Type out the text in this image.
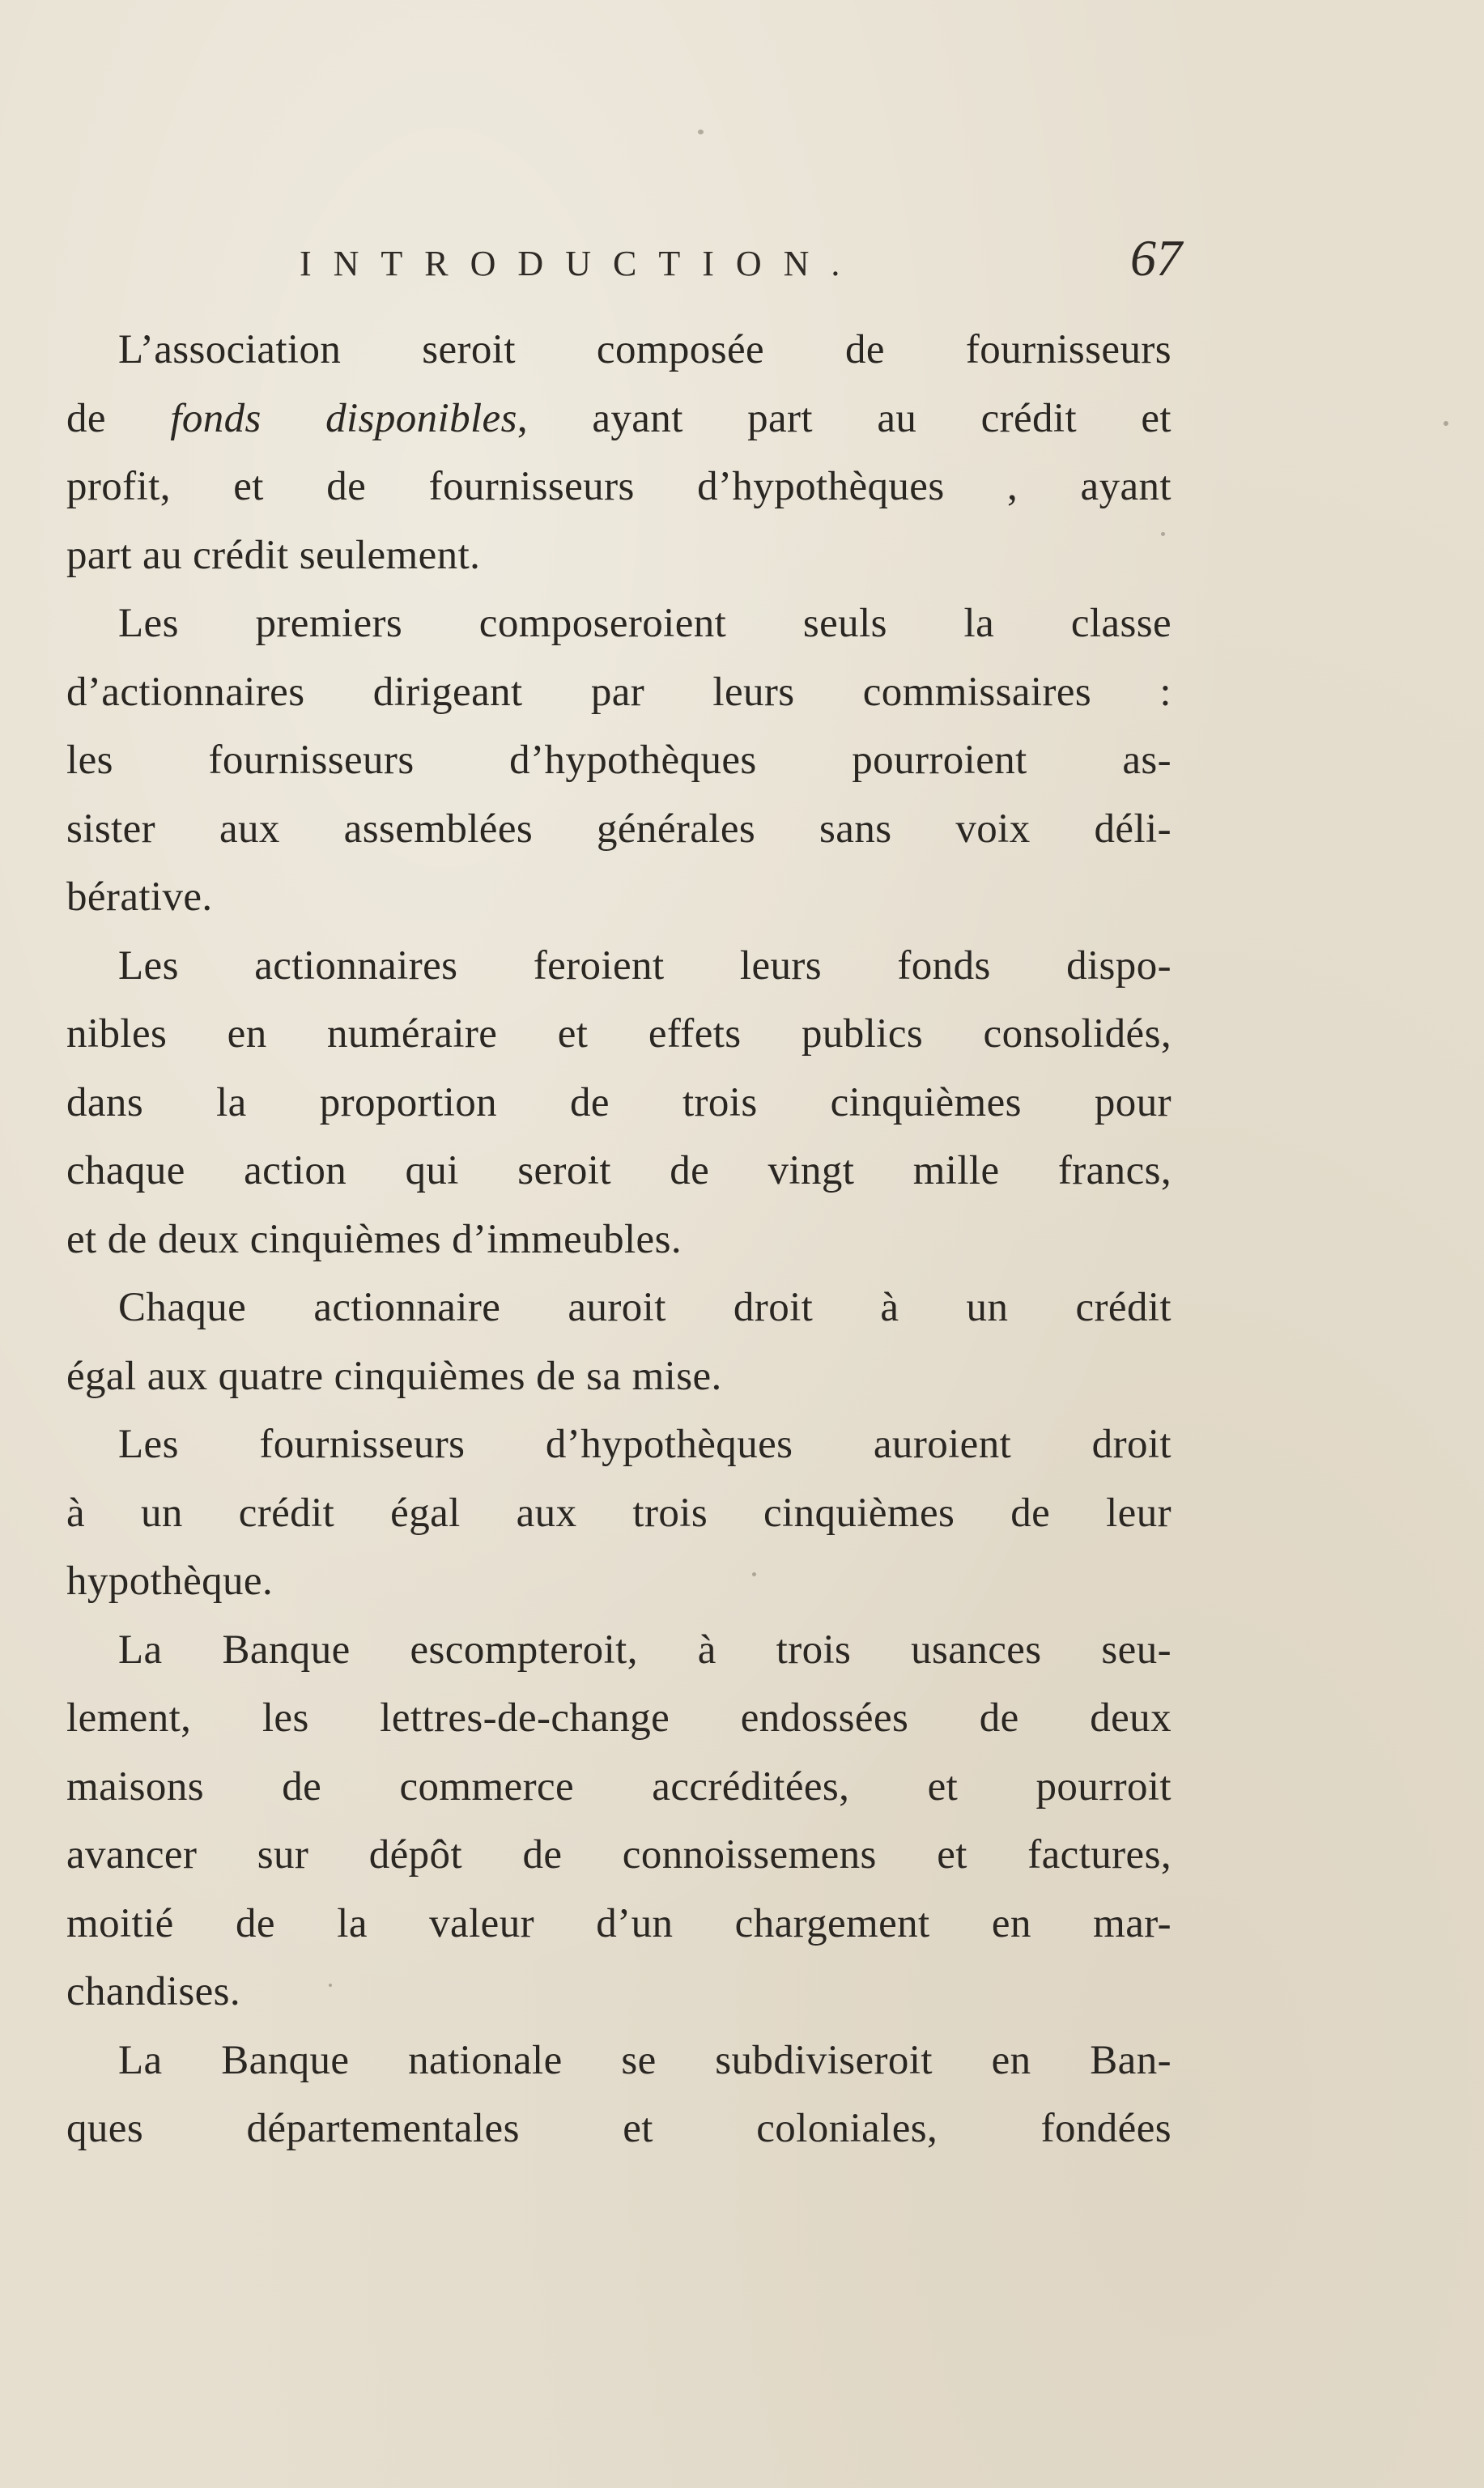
INTRODUCTION.	67

L’association seroit composée de fournisseurs
de fonds disponibles, ayant part au crédit et
profit, et de fournisseurs d’hypothèques , ayant
part au crédit seulement.

Les premiers composeroient seuls la classe
d’actionnaires dirigeant par leurs commissaires :
les fournisseurs d’hypothèques pourroient as-
sister aux assemblées générales sans voix déli-
bérative.

Les actionnaires feroient leurs fonds dispo-
nibles en numéraire et effets publics consolidés,
dans la proportion de trois cinquièmes pour
chaque action qui seroit de vingt mille francs,
et de deux cinquièmes d’immeubles.

Chaque actionnaire auroit droit à un crédit
égal aux quatre cinquièmes de sa mise.

Les fournisseurs d’hypothèques auroient droit
à un crédit égal aux trois cinquièmes de leur
hypothèque.

La Banque escompteroit, à trois usances seu-
lement, les lettres-de-change endossées de deux
maisons de commerce accréditées, et pourroit
avancer sur dépôt de connoissemens et factures,
moitié de la valeur d’un chargement en mar-
chandises.

La Banque nationale se subdiviseroit en Ban-
ques départementales et coloniales, fondées
